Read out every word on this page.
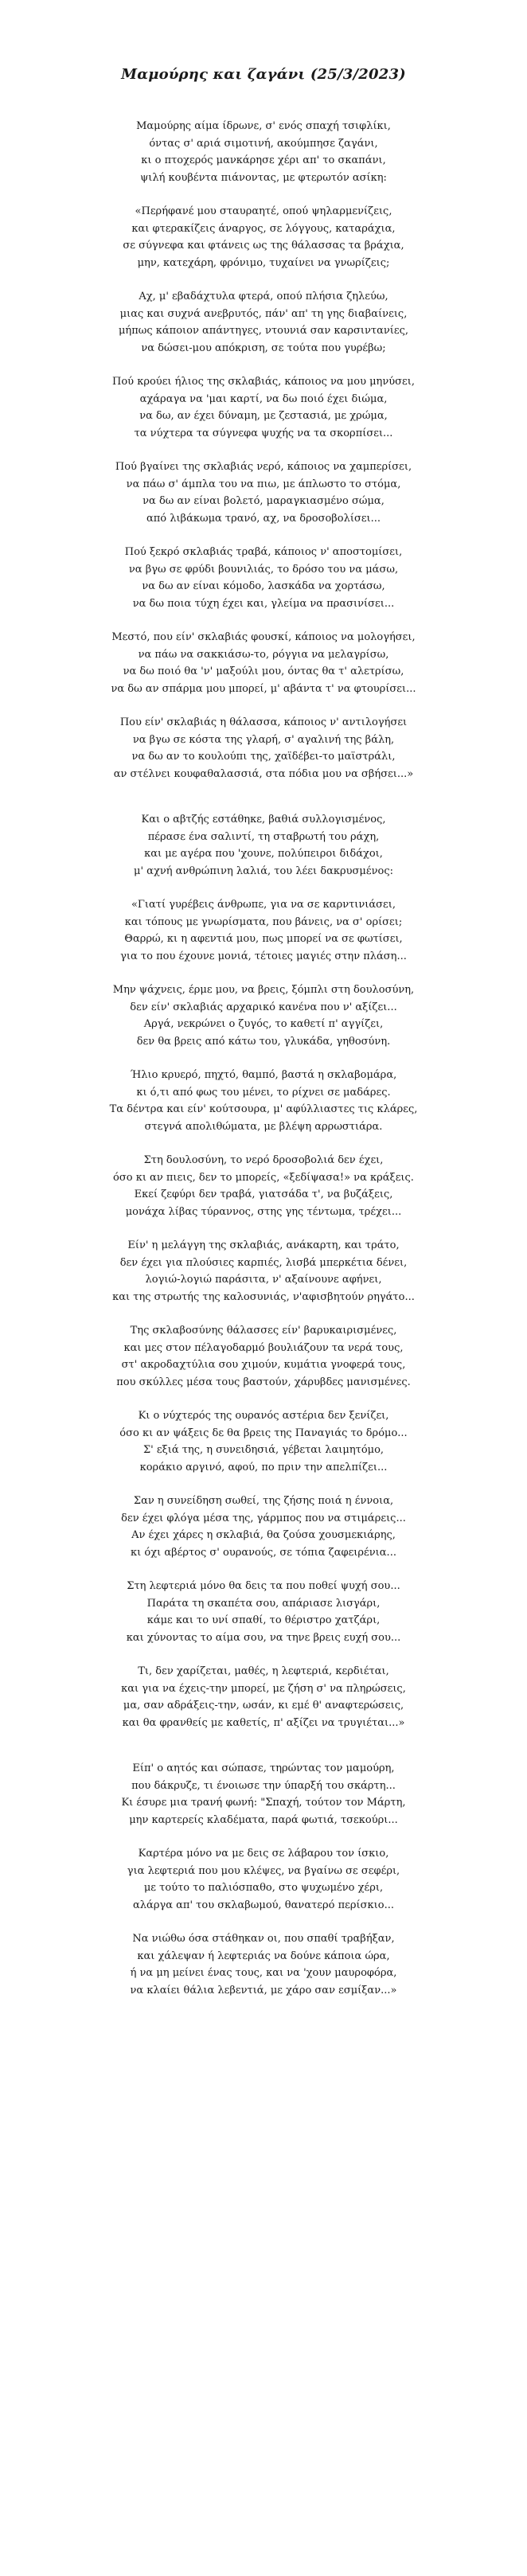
Μαμούρης και ζαγάνι (25/3/2023)
Μαμούρης αίμα ίδρωνε, σ' ενός σπαχή τσιφλίκι,
όντας σ' αριά σιμοτινή, ακούμπησε ζαγάνι,
κι ο πτοχερός μανκάρησε χέρι απ' το σκαπάνι,
ψιλή κουβέντα πιάνοντας, με φτερωτόν ασίκη:
«Περήφανέ μου σταυραητέ, οπού ψηλαρμενίζεις,
και φτερακίζεις άναργος, σε λόγγους, καταράχια,
σε σύγνεφα και φτάνεις ως της θάλασσας τα βράχια,
μην, κατεχάρη, φρόνιμο, τυχαίνει να γνωρίζεις;
Αχ, μ' εβαδάχτυλα φτερά, οπού πλήσια ζηλεύω,
μιας και συχνά ανεβρυτός, πάν' απ' τη γης διαβαίνεις,
μήπως κάποιον απάντηγες, ντουνιά σαν καρσιντανίες,
να δώσει-μου απόκριση, σε τούτα που γυρέβω;
Πού κρούει ήλιος της σκλαβιάς, κάποιος να μου μηνύσει,
αχάραγα να 'μαι καρτί, να δω ποιό έχει διώμα,
να δω, αν έχει δύναμη, με ζεστασιά, με χρώμα,
τα νύχτερα τα σύγνεφα ψυχής να τα σκορπίσει...
Πού βγαίνει της σκλαβιάς νερό, κάποιος να χαμπερίσει,
να πάω σ' άμπλα του να πιω, με άπλωστο το στόμα,
να δω αν είναι βολετό, μαραγκιασμένο σώμα,
από λιβάκωμα τρανό, αχ, να δροσοβολίσει...
Πού ξεκρό σκλαβιάς τραβά, κάποιος ν' αποστομίσει,
να βγω σε φρύδι βουνιλιάς, το δρόσο του να μάσω,
να δω αν είναι κόμοδο, λασκάδα να χορτάσω,
να δω ποια τύχη έχει και, γλείμα να πρασινίσει...
Μεστό, που είν' σκλαβιάς φουσκί, κάποιος να μολογήσει,
να πάω να σακκιάσω-το, ρόγγια να μελαγρίσω,
να δω ποιό θα 'ν' μαξούλι μου, όντας θα τ' αλετρίσω,
να δω αν σπάρμα μου μπορεί, μ' αβάντα τ' να φτουρίσει...
Που είν' σκλαβιάς η θάλασσα, κάποιος ν' αντιλογήσει
να βγω σε κόστα της γλαρή, σ' αγαλινή της βάλη,
να δω αν το κουλούπι της, χαϊδέβει-το μαϊστράλι,
αν στέλνει κουφαθαλασσιά, στα πόδια μου να σβήσει...»
Και ο αβτζής εστάθηκε, βαθιά συλλογισμένος,
πέρασε ένα σαλιντί, τη σταβρωτή του ράχη,
και με αγέρα που 'χουνε, πολύπειροι διδάχοι,
μ' αχνή ανθρώπινη λαλιά, του λέει δακρυσμένος:
«Γιατί γυρέβεις άνθρωπε, για να σε καρντινιάσει,
και τόπους με γνωρίσματα, που βάνεις, να σ' ορίσει;
Θαρρώ, κι η αφεντιά μου, πως μπορεί να σε φωτίσει,
για το που έχουνε μονιά, τέτοιες μαγιές στην πλάση...
Μην ψάχνεις, έρμε μου, να βρεις, ξόμπλι στη δουλοσύνη,
δεν είν' σκλαβιάς αρχαρικό κανένα που ν' αξίζει...
Αργά, νεκρώνει ο ζυγός, το καθετί π' αγγίζει,
δεν θα βρεις από κάτω του, γλυκάδα, γηθοσύνη.
Ήλιο κρυερό, πηχτό, θαμπό, βαστά η σκλαβομάρα,
κι ό,τι από φως του μένει, το ρίχνει σε μαδάρες.
Τα δέντρα και είν' κούτσουρα, μ' αφύλλιαστες τις κλάρες,
στεγνά απολιθώματα, με βλέψη αρρωστιάρα.
Στη δουλοσύνη, το νερό δροσοβολιά δεν έχει,
όσο κι αν πιεις, δεν το μπορείς, «ξεδίψασα!» να κράξεις.
Εκεί ζεφύρι δεν τραβά, γιατσάδα τ', να βυζάξεις,
μονάχα λίβας τύραννος, στης γης τέντωμα, τρέχει...
Είν' η μελάγγη της σκλαβιάς, ανάκαρτη, και τράτο,
δεν έχει για πλούσιες καρπιές, λισβά μπερκέτια δένει,
λογιώ-λογιώ παράσιτα, ν' αξαίνουνε αφήνει,
και της στρωτής της καλοσυνιάς, ν'αφισβητούν ρηγάτο...
Της σκλαβοσύνης θάλασσες είν' βαρυκαιρισμένες,
και μες στον πέλαγοδαρμό βουλιάζουν τα νερά τους,
στ' ακροδαχτύλια σου χιμούν, κυμάτια γνοφερά τους,
που σκύλλες μέσα τους βαστούν, χάρυβδες μανισμένες.
Κι ο νύχτερός της ουρανός αστέρια δεν ξενίζει,
όσο κι αν ψάξεις δε θα βρεις της Παναγιάς το δρόμο...
Σ' εξιά της, η συνειδησιά, γέβεται λαιμητόμο,
κοράκιο αργινό, αφού, πο πριν την απελπίζει...
Σαν η συνείδηση σωθεί, της ζήσης ποιά η έννοια,
δεν έχει φλόγα μέσα της, γάρμπος που να στιμάρεις...
Αν έχει χάρες η σκλαβιά, θα ζούσα χουσμεκιάρης,
κι όχι αβέρτος σ' ουρανούς, σε τόπια ζαφειρένια...
Στη λεφτεριά μόνο θα δεις τα που ποθεί ψυχή σου...
Παράτα τη σκαπέτα σου, απάριασε λισγάρι,
κάμε και το υνί σπαθί, το θέριστρο χατζάρι,
και χύνοντας το αίμα σου, να τηνε βρεις ευχή σου...
Τι, δεν χαρίζεται, μαθές, η λεφτεριά, κερδιέται,
και για να έχεις-την μπορεί, με ζήση σ' να πληρώσεις,
μα, σαν αδράξεις-την, ωσάν, κι εμέ θ' αναφτερώσεις,
και θα φρανθείς με καθετίς, π' αξίζει να τρυγιέται...»
Είπ' ο αητός και σώπασε, τηρώντας τον μαμούρη,
που δάκρυζε, τι ένοιωσε την ύπαρξή του σκάρτη...
Κι έσυρε μια τρανή φωνή: "Σπαχή, τούτον τον Μάρτη,
μην καρτερείς κλαδέματα, παρά φωτιά, τσεκούρι...
Καρτέρα μόνο να με δεις σε λάβαρου τον ίσκιο,
για λεφτεριά που μου κλέψες, να βγαίνω σε σεφέρι,
με τούτο το παλιόσπαθο, στο ψυχωμένο χέρι,
αλάργα απ' του σκλαβωμού, θανατερό περίσκιο...
Να νιώθω όσα στάθηκαν οι, που σπαθί τραβήξαν,
και χάλεψαν ή λεφτεριάς να δούνε κάποια ώρα,
ή να μη μείνει ένας τους, και να 'χουν μαυροφόρα,
να κλαίει θάλια λεβεντιά, με χάρο σαν εσμίξαν...»
